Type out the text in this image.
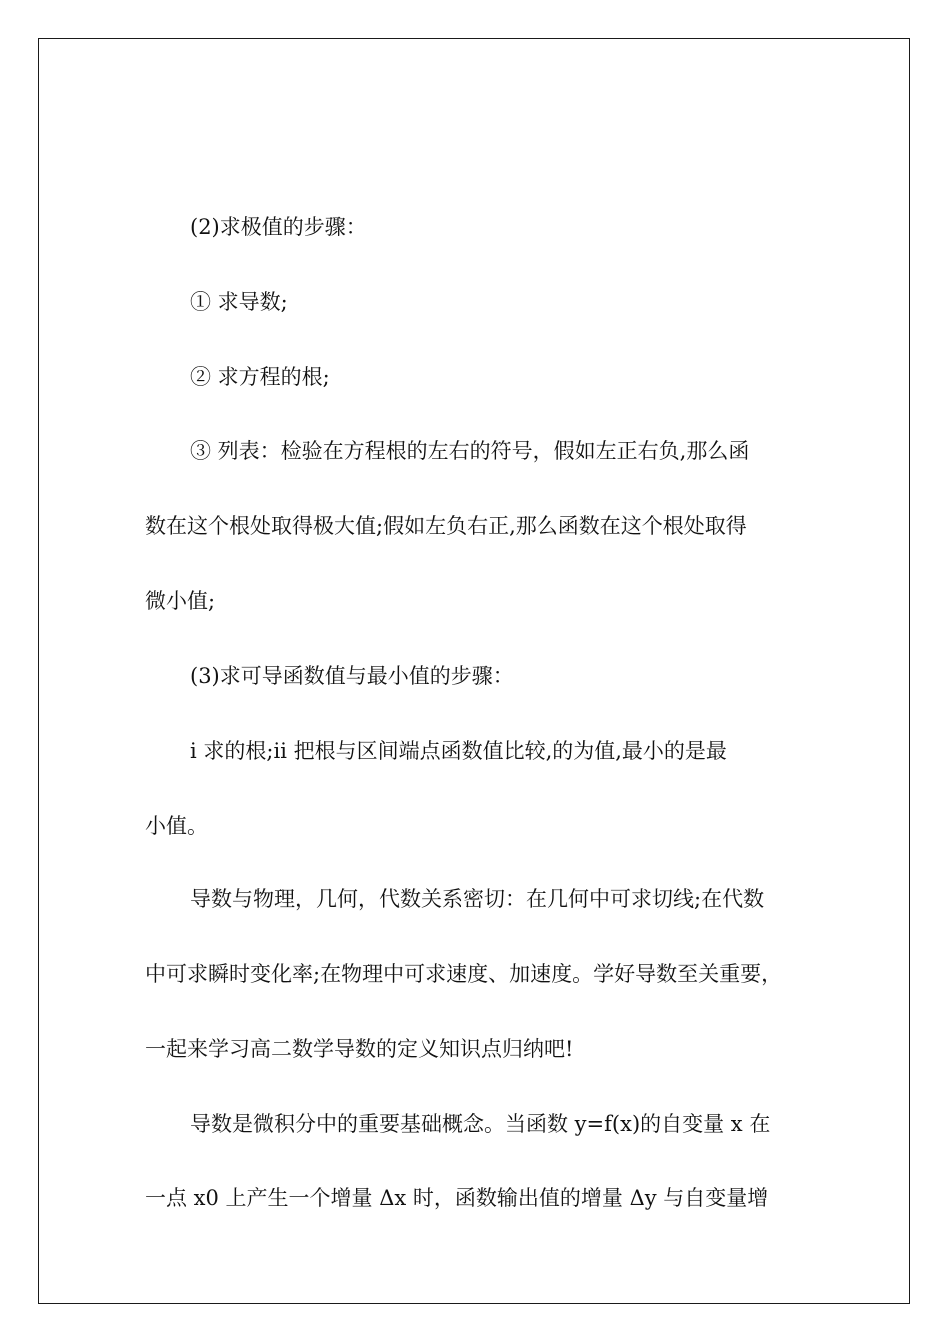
(2)求极值的步骤：
① 求导数;
② 求方程的根;
③ 列表：检验在方程根的左右的符号，假如左正右负,那么函
数在这个根处取得极大值;假如左负右正,那么函数在这个根处取得
微小值;
(3)求可导函数值与最小值的步骤：
ⅰ 求的根;ⅱ 把根与区间端点函数值比较,的为值,最小的是最
小值。
导数与物理，几何，代数关系密切：在几何中可求切线;在代数
中可求瞬时变化率;在物理中可求速度、加速度。学好导数至关重要，
一起来学习高二数学导数的定义知识点归纳吧!
导数是微积分中的重要基础概念。当函数 y=f(x)的自变量 x 在
一点 x0 上产生一个增量 Δx 时，函数输出值的增量 Δy 与自变量增
